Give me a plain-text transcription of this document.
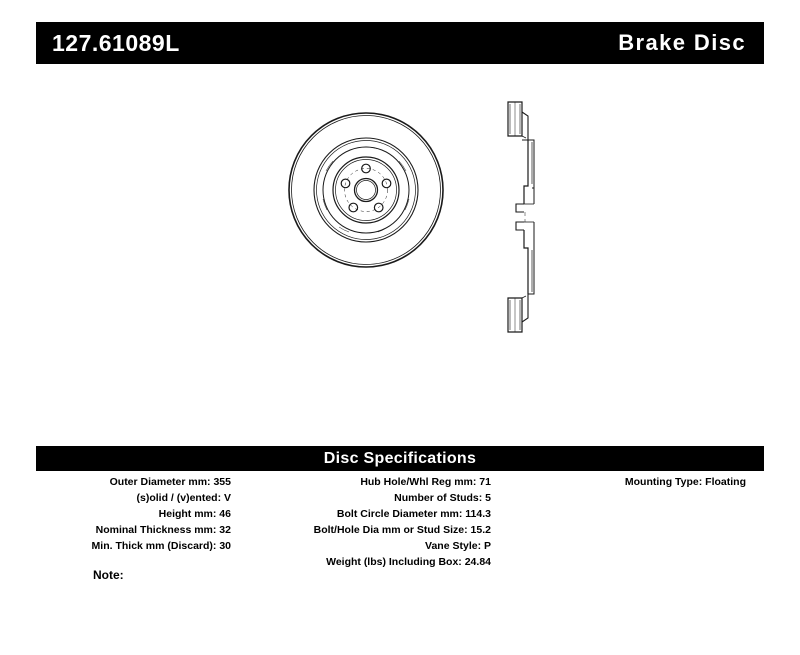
127.61089L	Brake Disc
Disc Specifications
Outer Diameter mm: 355
(s)olid / (v)ented: V
Height mm: 46
Nominal Thickness mm: 32
Min. Thick mm (Discard): 30
Hub Hole/Whl Reg mm: 71
Number of Studs: 5
Bolt Circle Diameter mm: 114.3
Bolt/Hole Dia mm or Stud Size: 15.2
Vane Style: P
Weight (lbs) Including Box: 24.84
Mounting Type: Floating
Note:
